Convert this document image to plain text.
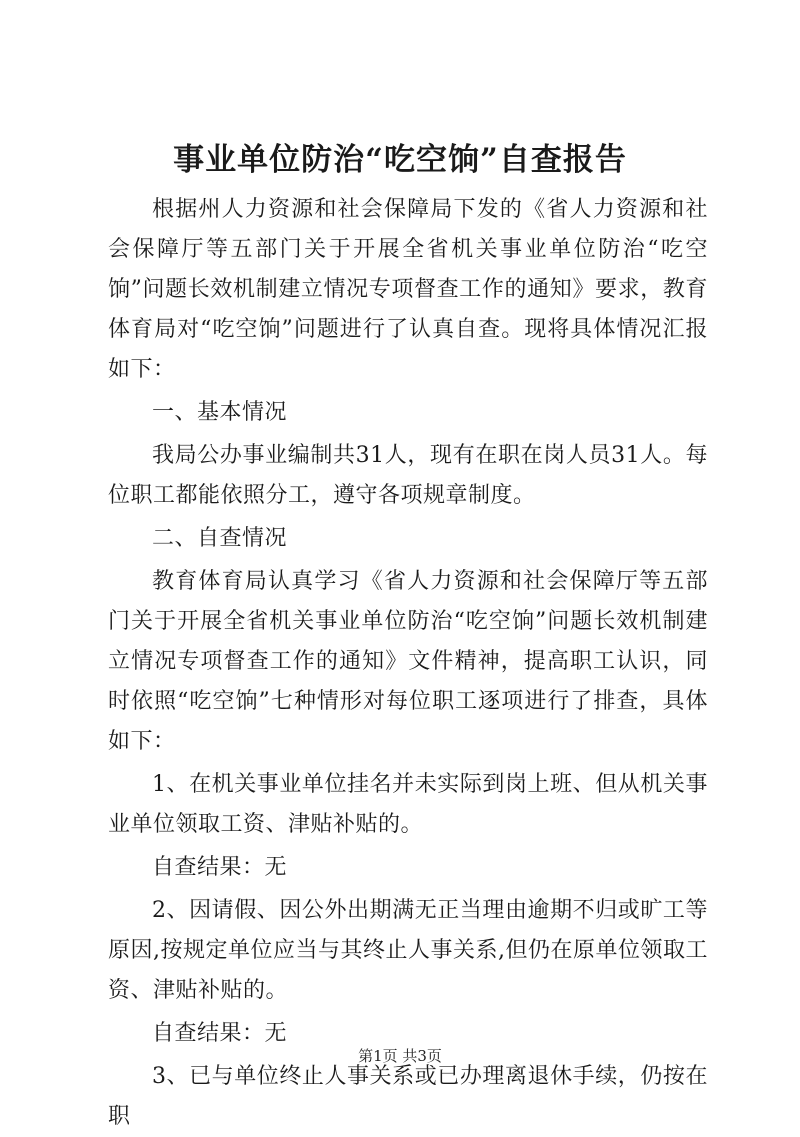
事业单位防治“吃空饷”自查报告

根据州人力资源和社会保障局下发的《省人力资源和社会保障厅等五部门关于开展全省机关事业单位防治“吃空饷”问题长效机制建立情况专项督查工作的通知》要求，教育体育局对“吃空饷”问题进行了认真自查。现将具体情况汇报如下：

一、基本情况

我局公办事业编制共31人，现有在职在岗人员31人。每位职工都能依照分工，遵守各项规章制度。

二、自查情况

教育体育局认真学习《省人力资源和社会保障厅等五部门关于开展全省机关事业单位防治“吃空饷”问题长效机制建立情况专项督查工作的通知》文件精神，提高职工认识，同时依照“吃空饷”七种情形对每位职工逐项进行了排查，具体如下：

1、在机关事业单位挂名并未实际到岗上班、但从机关事业单位领取工资、津贴补贴的。

自查结果：无

2、因请假、因公外出期满无正当理由逾期不归或旷工等原因,按规定单位应当与其终止人事关系,但仍在原单位领取工资、津贴补贴的。

自查结果：无

3、已与单位终止人事关系或已办理离退休手续，仍按在职

第1页 共3页
